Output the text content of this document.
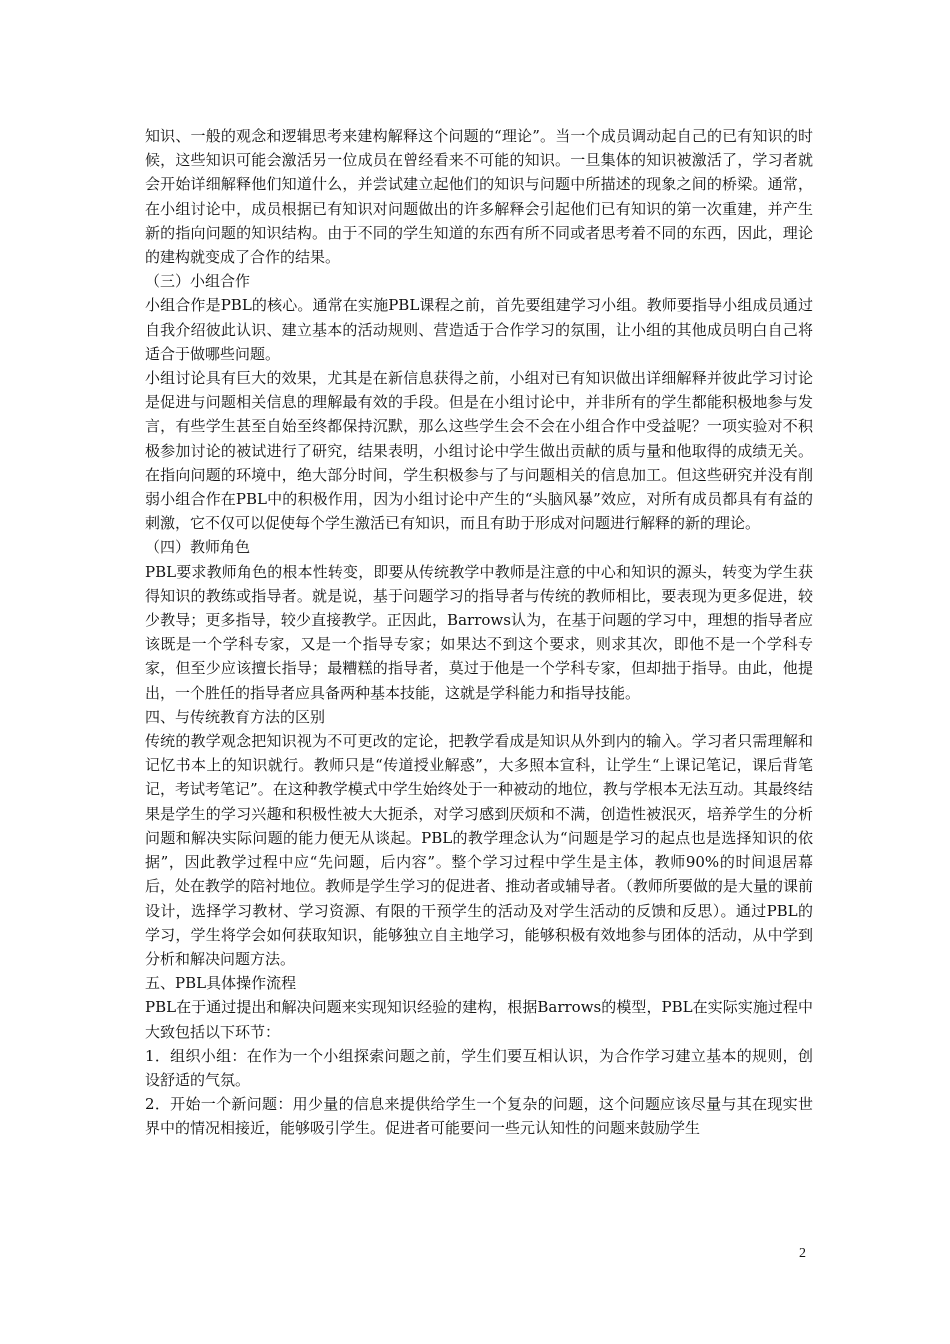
知识、一般的观念和逻辑思考来建构解释这个问题的“理论”。当一个成员调动起自己的已有知识的时候，这些知识可能会激活另一位成员在曾经看来不可能的知识。一旦集体的知识被激活了，学习者就会开始详细解释他们知道什么，并尝试建立起他们的知识与问题中所描述的现象之间的桥梁。通常，在小组讨论中，成员根据已有知识对问题做出的许多解释会引起他们已有知识的第一次重建，并产生新的指向问题的知识结构。由于不同的学生知道的东西有所不同或者思考着不同的东西，因此，理论的建构就变成了合作的结果。

（三）小组合作

小组合作是PBL的核心。通常在实施PBL课程之前，首先要组建学习小组。教师要指导小组成员通过自我介绍彼此认识、建立基本的活动规则、营造适于合作学习的氛围，让小组的其他成员明白自己将适合于做哪些问题。

小组讨论具有巨大的效果，尤其是在新信息获得之前，小组对已有知识做出详细解释并彼此学习讨论是促进与问题相关信息的理解最有效的手段。但是在小组讨论中，并非所有的学生都能积极地参与发言，有些学生甚至自始至终都保持沉默，那么这些学生会不会在小组合作中受益呢？一项实验对不积极参加讨论的被试进行了研究，结果表明，小组讨论中学生做出贡献的质与量和他取得的成绩无关。在指向问题的环境中，绝大部分时间，学生积极参与了与问题相关的信息加工。但这些研究并没有削弱小组合作在PBL中的积极作用，因为小组讨论中产生的“头脑风暴”效应，对所有成员都具有有益的刺激，它不仅可以促使每个学生激活已有知识，而且有助于形成对问题进行解释的新的理论。

（四）教师角色

PBL要求教师角色的根本性转变，即要从传统教学中教师是注意的中心和知识的源头，转变为学生获得知识的教练或指导者。就是说，基于问题学习的指导者与传统的教师相比，要表现为更多促进，较少教导；更多指导，较少直接教学。正因此，Barrows认为，在基于问题的学习中，理想的指导者应该既是一个学科专家，又是一个指导专家；如果达不到这个要求，则求其次，即他不是一个学科专家，但至少应该擅长指导；最糟糕的指导者，莫过于他是一个学科专家，但却拙于指导。由此，他提出，一个胜任的指导者应具备两种基本技能，这就是学科能力和指导技能。

四、与传统教育方法的区别

传统的教学观念把知识视为不可更改的定论，把教学看成是知识从外到内的输入。学习者只需理解和记忆书本上的知识就行。教师只是“传道授业解惑”，大多照本宣科，让学生“上课记笔记，课后背笔记，考试考笔记”。在这种教学模式中学生始终处于一种被动的地位，教与学根本无法互动。其最终结果是学生的学习兴趣和积极性被大大扼杀，对学习感到厌烦和不满，创造性被泯灭，培养学生的分析问题和解决实际问题的能力便无从谈起。PBL的教学理念认为“问题是学习的起点也是选择知识的依据”，因此教学过程中应“先问题，后内容”。整个学习过程中学生是主体，教师90%的时间退居幕后，处在教学的陪衬地位。教师是学生学习的促进者、推动者或辅导者。（教师所要做的是大量的课前设计，选择学习教材、学习资源、有限的干预学生的活动及对学生活动的反馈和反思）。通过PBL的学习，学生将学会如何获取知识，能够独立自主地学习，能够积极有效地参与团体的活动，从中学到分析和解决问题方法。

五、PBL具体操作流程

PBL在于通过提出和解决问题来实现知识经验的建构，根据Barrows的模型，PBL在实际实施过程中大致包括以下环节：

1．组织小组：在作为一个小组探索问题之前，学生们要互相认识，为合作学习建立基本的规则，创设舒适的气氛。

2．开始一个新问题：用少量的信息来提供给学生一个复杂的问题，这个问题应该尽量与其在现实世界中的情况相接近，能够吸引学生。促进者可能要问一些元认知性的问题来鼓励学生

2
